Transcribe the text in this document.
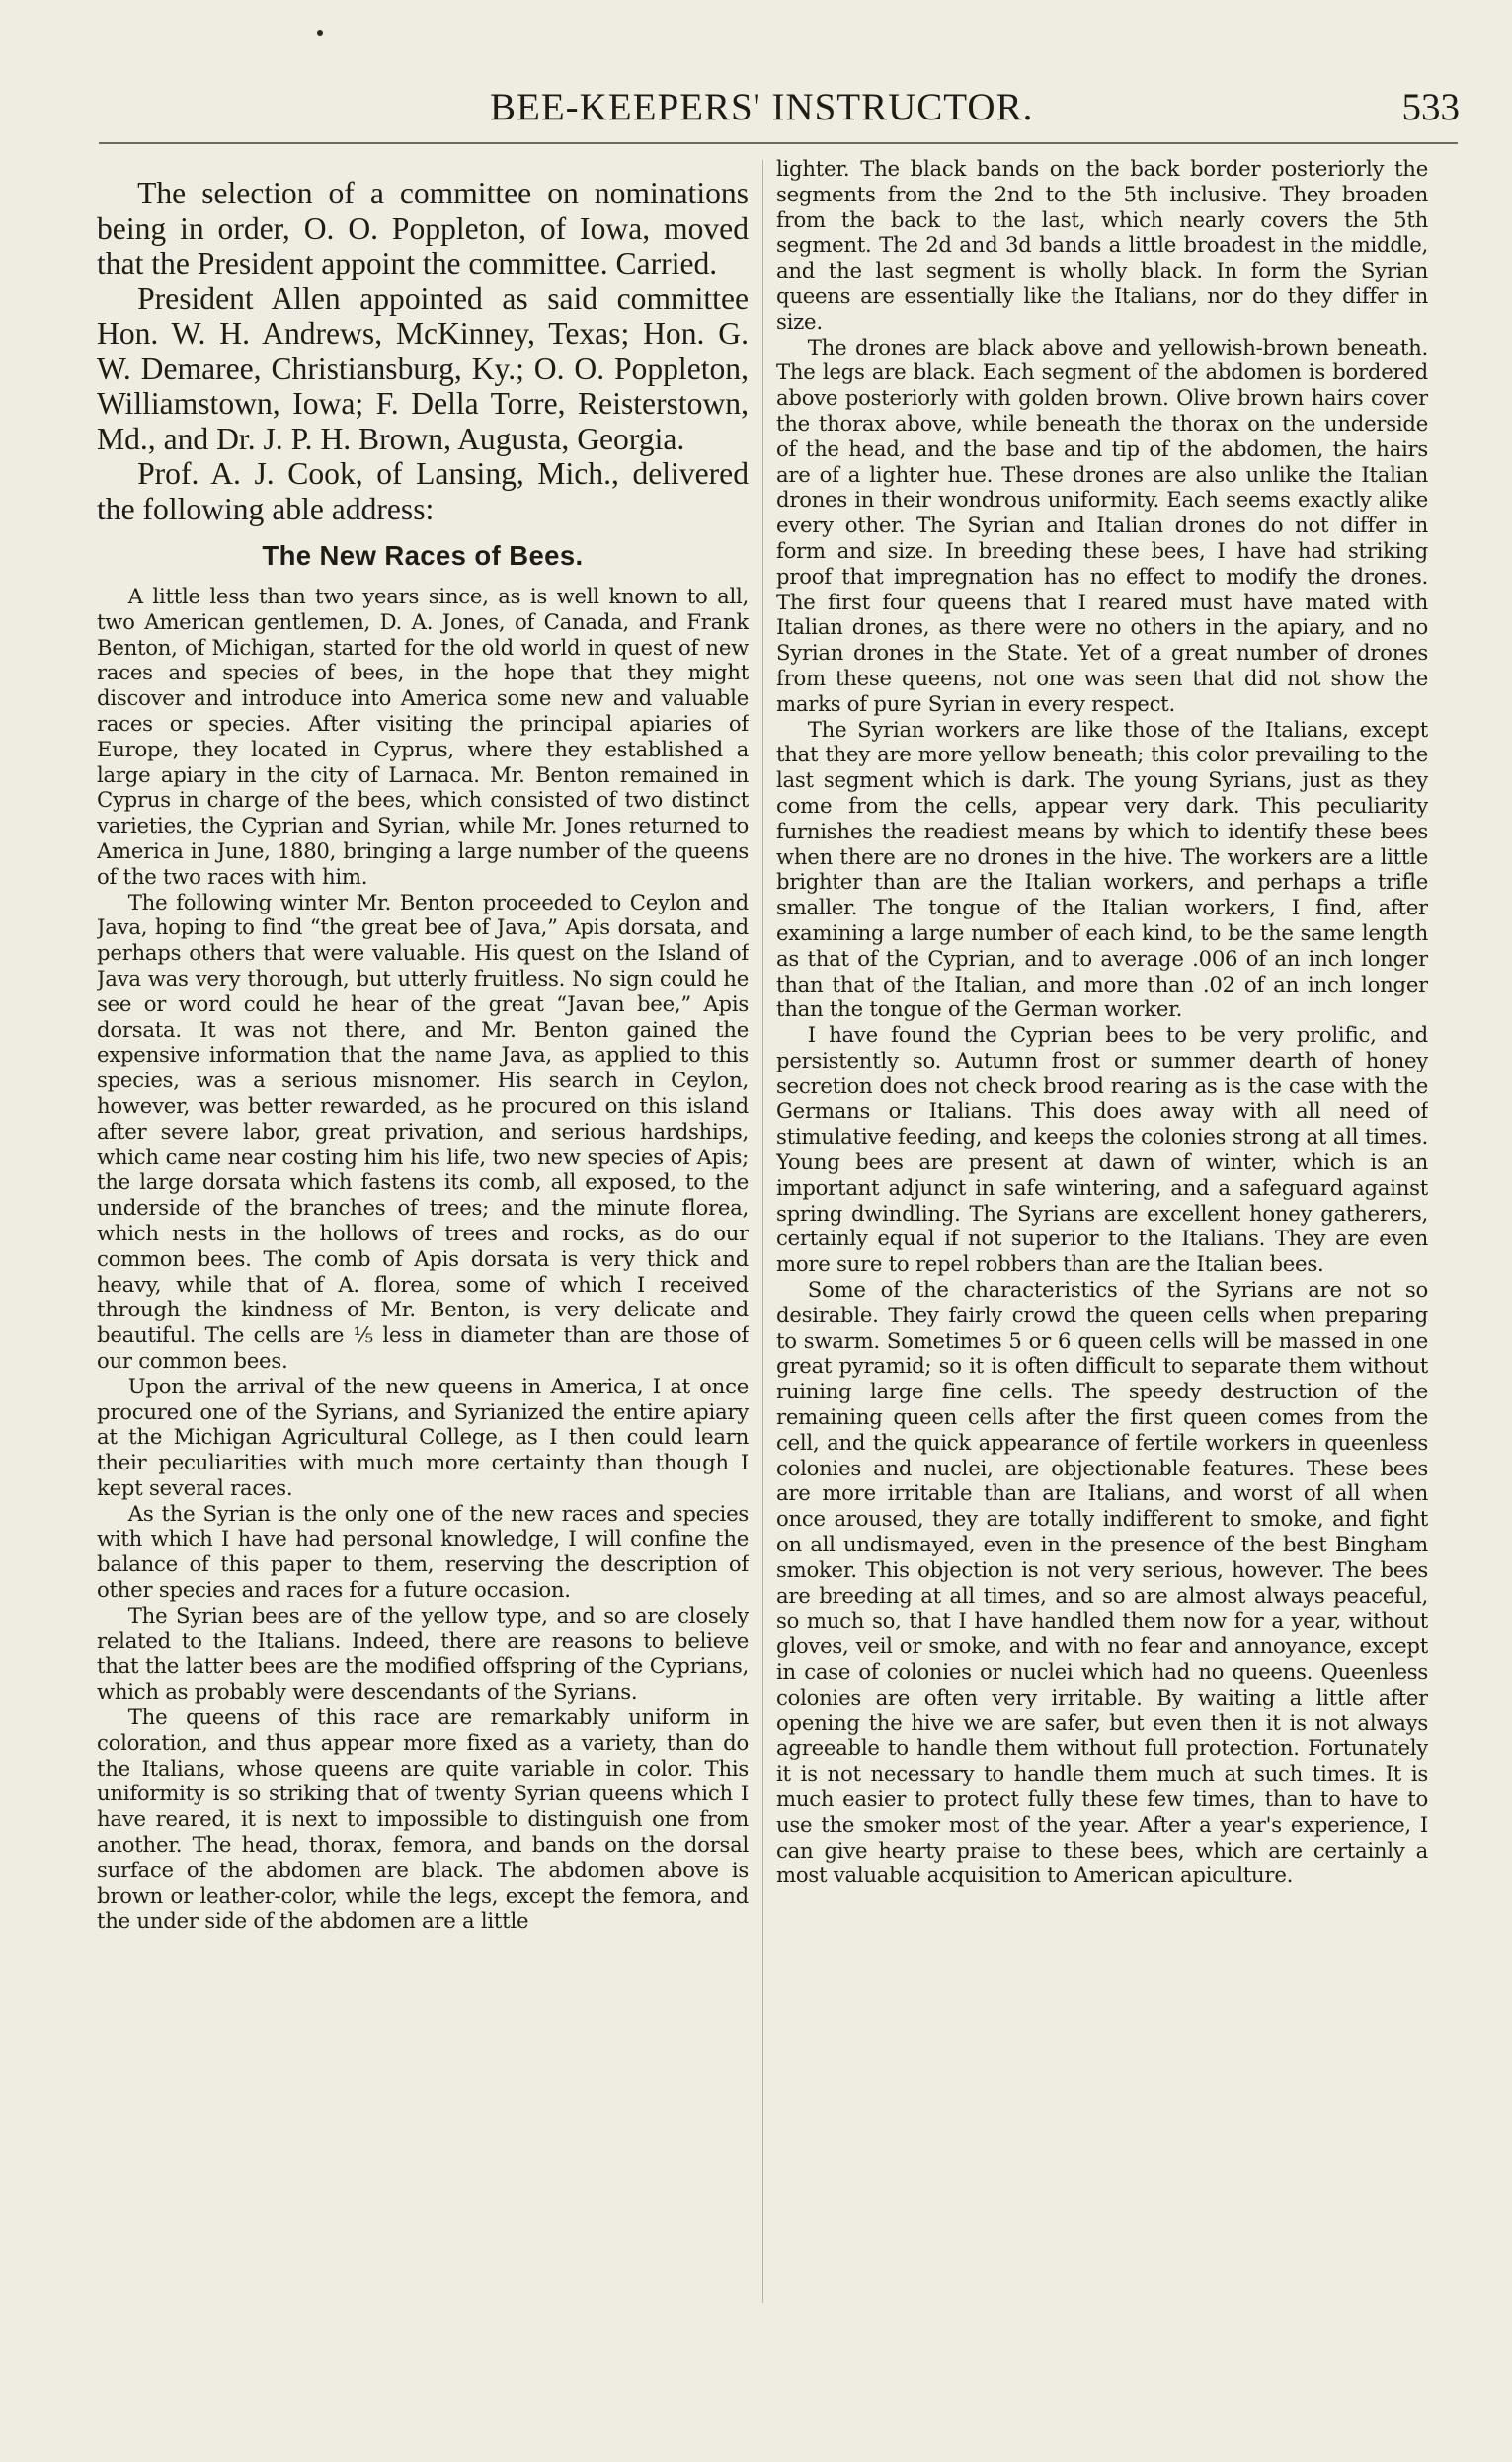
BEE-KEEPERS' INSTRUCTOR.	533

The selection of a committee on nominations being in order, O. O. Poppleton, of Iowa, moved that the President appoint the committee. Carried.

President Allen appointed as said committee Hon. W. H. Andrews, McKinney, Texas; Hon. G. W. Demaree, Christiansburg, Ky.; O. O. Poppleton, Williamstown, Iowa; F. Della Torre, Reisterstown, Md., and Dr. J. P. H. Brown, Augusta, Georgia.

Prof. A. J. Cook, of Lansing, Mich., delivered the following able address:

The New Races of Bees.

A little less than two years since, as is well known to all, two American gentlemen, D. A. Jones, of Canada, and Frank Benton, of Michigan, started for the old world in quest of new races and species of bees, in the hope that they might discover and introduce into America some new and valuable races or species. After visiting the principal apiaries of Europe, they located in Cyprus, where they established a large apiary in the city of Larnaca. Mr. Benton remained in Cyprus in charge of the bees, which consisted of two distinct varieties, the Cyprian and Syrian, while Mr. Jones returned to America in June, 1880, bringing a large number of the queens of the two races with him.

The following winter Mr. Benton proceeded to Ceylon and Java, hoping to find “the great bee of Java,” Apis dorsata, and perhaps others that were valuable. His quest on the Island of Java was very thorough, but utterly fruitless. No sign could he see or word could he hear of the great “Javan bee,” Apis dorsata. It was not there, and Mr. Benton gained the expensive information that the name Java, as applied to this species, was a serious misnomer. His search in Ceylon, however, was better rewarded, as he procured on this island after severe labor, great privation, and serious hardships, which came near costing him his life, two new species of Apis; the large dorsata which fastens its comb, all exposed, to the underside of the branches of trees; and the minute florea, which nests in the hollows of trees and rocks, as do our common bees. The comb of Apis dorsata is very thick and heavy, while that of A. florea, some of which I received through the kindness of Mr. Benton, is very delicate and beautiful. The cells are ⅕ less in diameter than are those of our common bees.

Upon the arrival of the new queens in America, I at once procured one of the Syrians, and Syrianized the entire apiary at the Michigan Agricultural College, as I then could learn their peculiarities with much more certainty than though I kept several races.

As the Syrian is the only one of the new races and species with which I have had personal knowledge, I will confine the balance of this paper to them, reserving the description of other species and races for a future occasion.

The Syrian bees are of the yellow type, and so are closely related to the Italians. Indeed, there are reasons to believe that the latter bees are the modified offspring of the Cyprians, which as probably were descendants of the Syrians.

The queens of this race are remarkably uniform in coloration, and thus appear more fixed as a variety, than do the Italians, whose queens are quite variable in color. This uniformity is so striking that of twenty Syrian queens which I have reared, it is next to impossible to distinguish one from another. The head, thorax, femora, and bands on the dorsal surface of the abdomen are black. The abdomen above is brown or leather-color, while the legs, except the femora, and the under side of the abdomen are a little

lighter. The black bands on the back border posteriorly the segments from the 2nd to the 5th inclusive. They broaden from the back to the last, which nearly covers the 5th segment. The 2d and 3d bands a little broadest in the middle, and the last segment is wholly black. In form the Syrian queens are essentially like the Italians, nor do they differ in size.

The drones are black above and yellowish-brown beneath. The legs are black. Each segment of the abdomen is bordered above posteriorly with golden brown. Olive brown hairs cover the thorax above, while beneath the thorax on the underside of the head, and the base and tip of the abdomen, the hairs are of a lighter hue. These drones are also unlike the Italian drones in their wondrous uniformity. Each seems exactly alike every other. The Syrian and Italian drones do not differ in form and size. In breeding these bees, I have had striking proof that impregnation has no effect to modify the drones. The first four queens that I reared must have mated with Italian drones, as there were no others in the apiary, and no Syrian drones in the State. Yet of a great number of drones from these queens, not one was seen that did not show the marks of pure Syrian in every respect.

The Syrian workers are like those of the Italians, except that they are more yellow beneath; this color prevailing to the last segment which is dark. The young Syrians, just as they come from the cells, appear very dark. This peculiarity furnishes the readiest means by which to identify these bees when there are no drones in the hive. The workers are a little brighter than are the Italian workers, and perhaps a trifle smaller. The tongue of the Italian workers, I find, after examining a large number of each kind, to be the same length as that of the Cyprian, and to average .006 of an inch longer than that of the Italian, and more than .02 of an inch longer than the tongue of the German worker.

I have found the Cyprian bees to be very prolific, and persistently so. Autumn frost or summer dearth of honey secretion does not check brood rearing as is the case with the Germans or Italians. This does away with all need of stimulative feeding, and keeps the colonies strong at all times. Young bees are present at dawn of winter, which is an important adjunct in safe wintering, and a safeguard against spring dwindling. The Syrians are excellent honey gatherers, certainly equal if not superior to the Italians. They are even more sure to repel robbers than are the Italian bees.

Some of the characteristics of the Syrians are not so desirable. They fairly crowd the queen cells when preparing to swarm. Sometimes 5 or 6 queen cells will be massed in one great pyramid; so it is often difficult to separate them without ruining large fine cells. The speedy destruction of the remaining queen cells after the first queen comes from the cell, and the quick appearance of fertile workers in queenless colonies and nuclei, are objectionable features. These bees are more irritable than are Italians, and worst of all when once aroused, they are totally indifferent to smoke, and fight on all undismayed, even in the presence of the best Bingham smoker. This objection is not very serious, however. The bees are breeding at all times, and so are almost always peaceful, so much so, that I have handled them now for a year, without gloves, veil or smoke, and with no fear and annoyance, except in case of colonies or nuclei which had no queens. Queenless colonies are often very irritable. By waiting a little after opening the hive we are safer, but even then it is not always agreeable to handle them without full protection. Fortunately it is not necessary to handle them much at such times. It is much easier to protect fully these few times, than to have to use the smoker most of the year. After a year's experience, I can give hearty praise to these bees, which are certainly a most valuable acquisition to American apiculture.
